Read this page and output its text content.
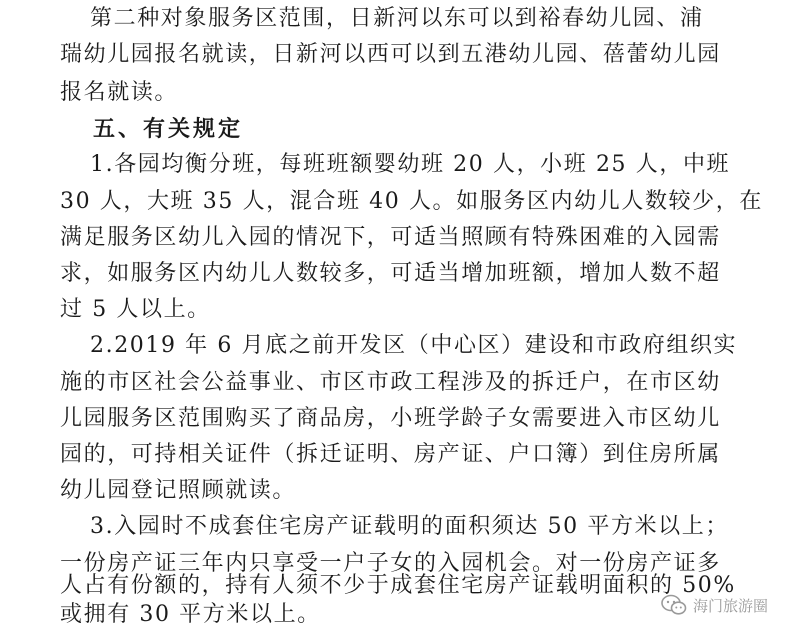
第二种对象服务区范围，日新河以东可以到裕春幼儿园、浦
瑞幼儿园报名就读，日新河以西可以到五港幼儿园、蓓蕾幼儿园
报名就读。
五、有关规定
1.各园均衡分班，每班班额婴幼班 20 人，小班 25 人，中班
30 人，大班 35 人，混合班 40 人。如服务区内幼儿人数较少，在
满足服务区幼儿入园的情况下，可适当照顾有特殊困难的入园需
求，如服务区内幼儿人数较多，可适当增加班额，增加人数不超
过 5 人以上。
2.2019 年 6 月底之前开发区（中心区）建设和市政府组织实
施的市区社会公益事业、市区市政工程涉及的拆迁户，在市区幼
儿园服务区范围购买了商品房，小班学龄子女需要进入市区幼儿
园的，可持相关证件（拆迁证明、房产证、户口簿）到住房所属
幼儿园登记照顾就读。
3.入园时不成套住宅房产证载明的面积须达 50 平方米以上；
一份房产证三年内只享受一户子女的入园机会。对一份房产证多
人占有份额的，持有人须不少于成套住宅房产证载明面积的 50%
或拥有 30 平方米以上。	海门旅游圈
